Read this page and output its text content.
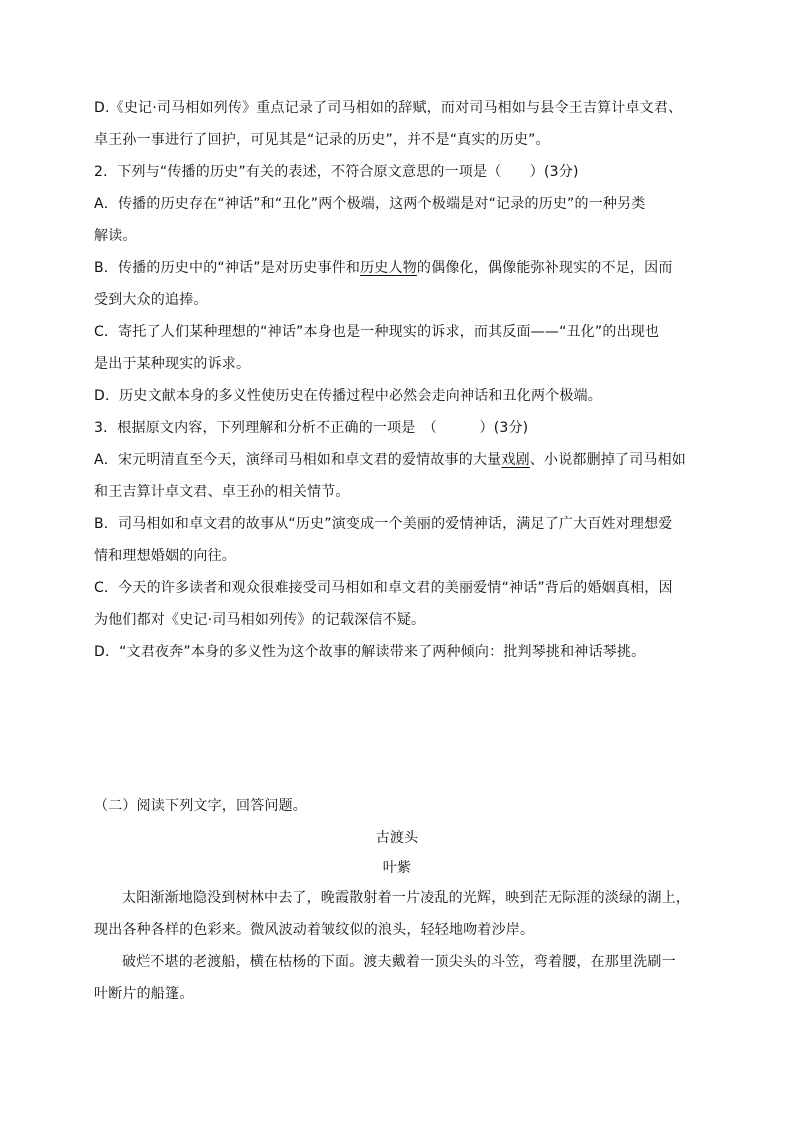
D.《史记·司马相如列传》重点记录了司马相如的辞赋，而对司马相如与县令王吉算计卓文君、
卓王孙一事进行了回护，可见其是“记录的历史”，并不是“真实的历史”。
2．下列与“传播的历史”有关的表述，不符合原文意思的一项是（　　）(3分)
A．传播的历史存在“神话”和“丑化”两个极端，这两个极端是对“记录的历史”的一种另类
解读。
B．传播的历史中的“神话”是对历史事件和历史人物的偶像化，偶像能弥补现实的不足，因而
受到大众的追捧。
C．寄托了人们某种理想的“神话”本身也是一种现实的诉求，而其反面——“丑化”的出现也
是出于某种现实的诉求。
D．历史文献本身的多义性使历史在传播过程中必然会走向神话和丑化两个极端。
3．根据原文内容，下列理解和分析不正确的一项是　（　　　）(3分)
A．宋元明清直至今天，演绎司马相如和卓文君的爱情故事的大量戏剧、小说都删掉了司马相如
和王吉算计卓文君、卓王孙的相关情节。
B．司马相如和卓文君的故事从“历史”演变成一个美丽的爱情神话，满足了广大百姓对理想爱
情和理想婚姻的向往。
C．今天的许多读者和观众很难接受司马相如和卓文君的美丽爱情“神话”背后的婚姻真相，因
为他们都对《史记·司马相如列传》的记载深信不疑。
D．“文君夜奔”本身的多义性为这个故事的解读带来了两种倾向：批判琴挑和神话琴挑。
（二）阅读下列文字，回答问题。
古渡头
叶紫
太阳渐渐地隐没到树林中去了，晚霞散射着一片凌乱的光辉，映到茫无际涯的淡绿的湖上，
现出各种各样的色彩来。微风波动着皱纹似的浪头，轻轻地吻着沙岸。
破烂不堪的老渡船，横在枯杨的下面。渡夫戴着一顶尖头的斗笠，弯着腰，在那里洗刷一
叶断片的船篷。
